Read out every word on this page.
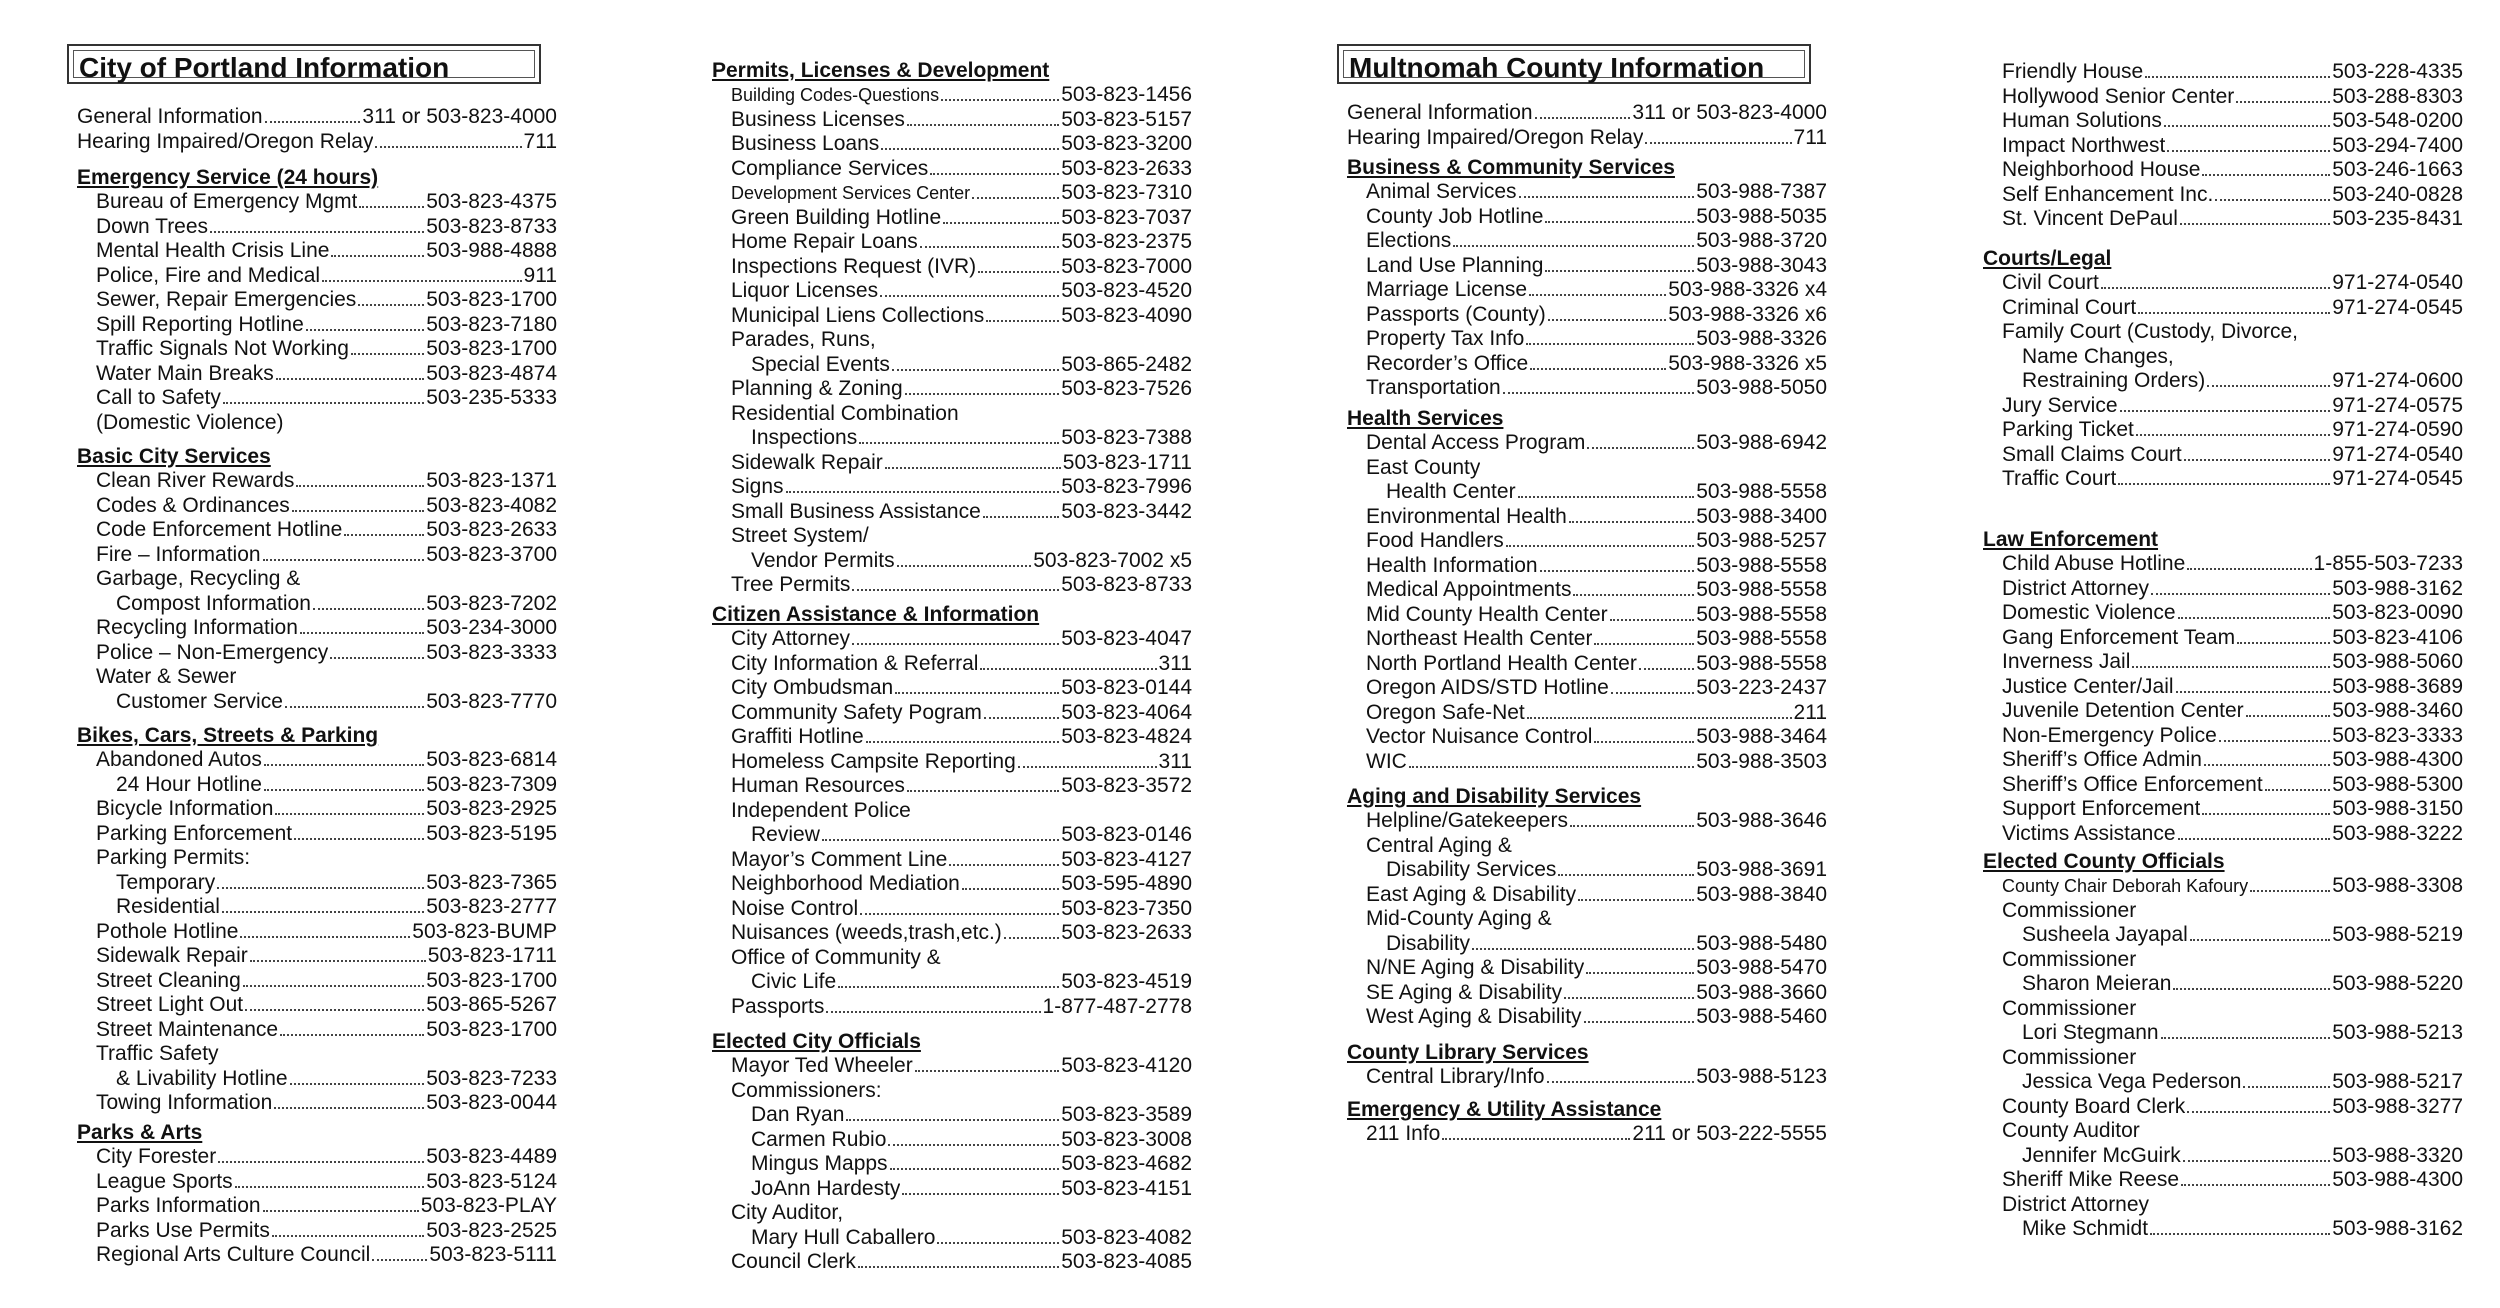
City of Portland Information	Multnomah County Information
General Information	311 or 503-823-4000
Hearing Impaired/Oregon Relay	711
Emergency Service (24 hours)
Bureau of Emergency Mgmt	503-823-4375
Down Trees	503-823-8733
Mental Health Crisis Line	503-988-4888
Police, Fire and Medical	911
Sewer, Repair Emergencies	503-823-1700
Spill Reporting Hotline	503-823-7180
Traffic Signals Not Working	503-823-1700
Water Main Breaks	503-823-4874
Call to Safety	503-235-5333
(Domestic Violence)
Basic City Services
Clean River Rewards	503-823-1371
Codes & Ordinances	503-823-4082
Code Enforcement Hotline	503-823-2633
Fire – Information	503-823-3700
Garbage, Recycling &
Compost Information	503-823-7202
Recycling Information	503-234-3000
Police – Non-Emergency	503-823-3333
Water & Sewer
Customer Service	503-823-7770
Bikes, Cars, Streets & Parking
Abandoned Autos	503-823-6814
24 Hour Hotline	503-823-7309
Bicycle Information	503-823-2925
Parking Enforcement	503-823-5195
Parking Permits:
Temporary	503-823-7365
Residential	503-823-2777
Pothole Hotline	503-823-BUMP
Sidewalk Repair	503-823-1711
Street Cleaning	503-823-1700
Street Light Out	503-865-5267
Street Maintenance	503-823-1700
Traffic Safety
& Livability Hotline	503-823-7233
Towing Information	503-823-0044
Parks & Arts
City Forester	503-823-4489
League Sports	503-823-5124
Parks Information	503-823-PLAY
Parks Use Permits	503-823-2525
Regional Arts Culture Council	503-823-5111
Permits, Licenses & Development
Building Codes-Questions	503-823-1456
Business Licenses	503-823-5157
Business Loans	503-823-3200
Compliance Services	503-823-2633
Development Services Center	503-823-7310
Green Building Hotline	503-823-7037
Home Repair Loans	503-823-2375
Inspections Request (IVR)	503-823-7000
Liquor Licenses	503-823-4520
Municipal Liens Collections	503-823-4090
Parades, Runs,
Special Events	503-865-2482
Planning & Zoning	503-823-7526
Residential Combination
Inspections	503-823-7388
Sidewalk Repair	503-823-1711
Signs	503-823-7996
Small Business Assistance	503-823-3442
Street System/
Vendor Permits	503-823-7002 x5
Tree Permits	503-823-8733
Citizen Assistance & Information
City Attorney	503-823-4047
City Information & Referral	311
City Ombudsman	503-823-0144
Community Safety Pogram	503-823-4064
Graffiti Hotline	503-823-4824
Homeless Campsite Reporting	311
Human Resources	503-823-3572
Independent Police
Review	503-823-0146
Mayor’s Comment Line	503-823-4127
Neighborhood Mediation	503-595-4890
Noise Control	503-823-7350
Nuisances (weeds,trash,etc.)	503-823-2633
Office of Community &
Civic Life	503-823-4519
Passports	1-877-487-2778
Elected City Officials
Mayor Ted Wheeler	503-823-4120
Commissioners:
Dan Ryan	503-823-3589
Carmen Rubio	503-823-3008
Mingus Mapps	503-823-4682
JoAnn Hardesty	503-823-4151
City Auditor,
Mary Hull Caballero	503-823-4082
Council Clerk	503-823-4085
General Information	311 or 503-823-4000
Hearing Impaired/Oregon Relay	711
Business & Community Services
Animal Services	503-988-7387
County Job Hotline	503-988-5035
Elections	503-988-3720
Land Use Planning	503-988-3043
Marriage License	503-988-3326 x4
Passports (County)	503-988-3326 x6
Property Tax Info	503-988-3326
Recorder’s Office	503-988-3326 x5
Transportation	503-988-5050
Health Services
Dental Access Program	503-988-6942
East County
Health Center	503-988-5558
Environmental Health	503-988-3400
Food Handlers	503-988-5257
Health Information	503-988-5558
Medical Appointments	503-988-5558
Mid County Health Center	503-988-5558
Northeast Health Center	503-988-5558
North Portland Health Center	503-988-5558
Oregon AIDS/STD Hotline	503-223-2437
Oregon Safe-Net	211
Vector Nuisance Control	503-988-3464
WIC	503-988-3503
Aging and Disability Services
Helpline/Gatekeepers	503-988-3646
Central Aging &
Disability Services	503-988-3691
East Aging & Disability	503-988-3840
Mid-County Aging &
Disability	503-988-5480
N/NE Aging & Disability	503-988-5470
SE Aging & Disability	503-988-3660
West Aging & Disability	503-988-5460
County Library Services
Central Library/Info	503-988-5123
Emergency & Utility Assistance
211 Info	211 or 503-222-5555
Friendly House	503-228-4335
Hollywood Senior Center	503-288-8303
Human Solutions	503-548-0200
Impact Northwest	503-294-7400
Neighborhood House	503-246-1663
Self Enhancement Inc.	503-240-0828
St. Vincent DePaul	503-235-8431
Courts/Legal
Civil Court	971-274-0540
Criminal Court	971-274-0545
Family Court (Custody, Divorce,
Name Changes,
Restraining Orders)	971-274-0600
Jury Service	971-274-0575
Parking Ticket	971-274-0590
Small Claims Court	971-274-0540
Traffic Court	971-274-0545
Law Enforcement
Child Abuse Hotline	1-855-503-7233
District Attorney	503-988-3162
Domestic Violence	503-823-0090
Gang Enforcement Team	503-823-4106
Inverness Jail	503-988-5060
Justice Center/Jail	503-988-3689
Juvenile Detention Center	503-988-3460
Non-Emergency Police	503-823-3333
Sheriff’s Office Admin	503-988-4300
Sheriff’s Office Enforcement	503-988-5300
Support Enforcement	503-988-3150
Victims Assistance	503-988-3222
Elected County Officials
County Chair Deborah Kafoury	503-988-3308
Commissioner
Susheela Jayapal	503-988-5219
Commissioner
Sharon Meieran	503-988-5220
Commissioner
Lori Stegmann	503-988-5213
Commissioner
Jessica Vega Pederson	503-988-5217
County Board Clerk	503-988-3277
County Auditor
Jennifer McGuirk	503-988-3320
Sheriff Mike Reese	503-988-4300
District Attorney
Mike Schmidt	503-988-3162
